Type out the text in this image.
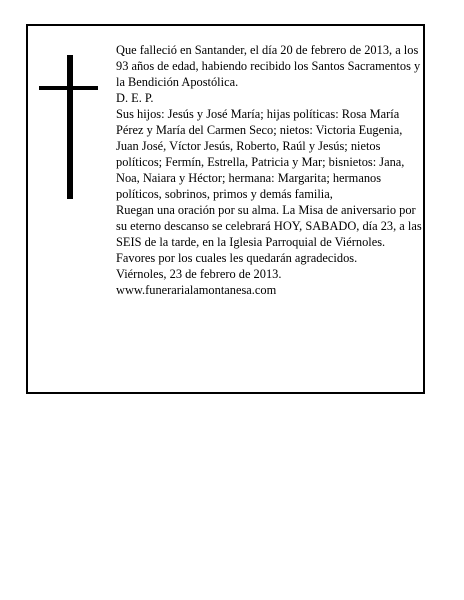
Que falleció en Santander, el día 20 de febrero de 2013, a los 93 años de edad, habiendo recibido los Santos Sacramentos y la Bendición Apostólica.

D. E. P.

Sus hijos: Jesús y José María; hijas políticas: Rosa María Pérez y María del Carmen Seco; nietos: Victoria Eugenia, Juan José, Víctor Jesús, Roberto, Raúl y Jesús; nietos políticos; Fermín, Estrella, Patricia y Mar; bisnietos: Jana, Noa, Naiara y Héctor; hermana: Margarita; hermanos políticos, sobrinos, primos y demás familia,

Ruegan una oración por su alma. La Misa de aniversario por su eterno descanso se celebrará HOY, SABADO, día 23, a las SEIS de la tarde, en la Iglesia Parroquial de Viérnoles. Favores por los cuales les quedarán agradecidos.

Viérnoles, 23 de febrero de 2013.

www.funerarialamontanesa.com
